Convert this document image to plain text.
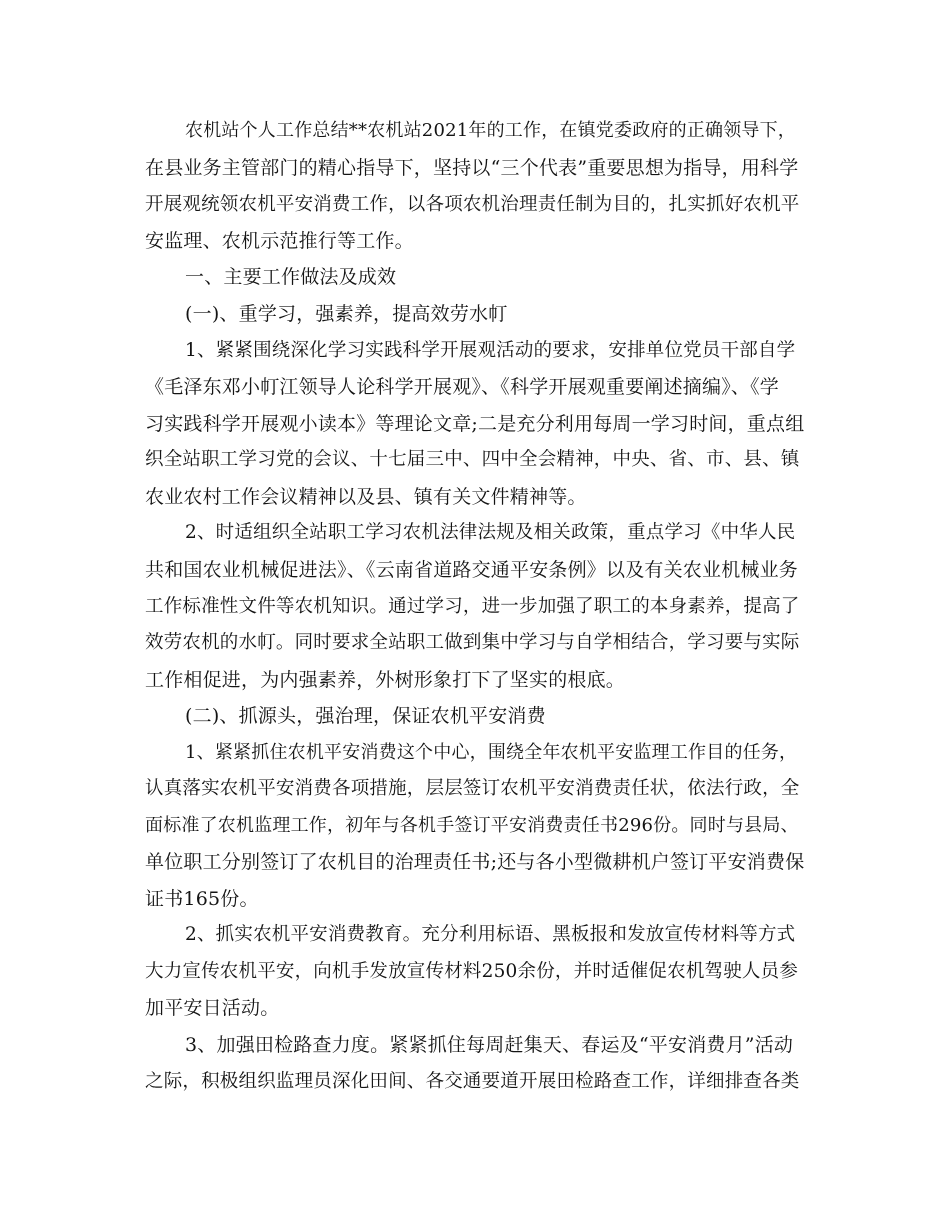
农机站个人工作总结**农机站2021年的工作，在镇党委政府的正确领导下，
在县业务主管部门的精心指导下，坚持以“三个代表”重要思想为指导，用科学
开展观统领农机平安消费工作，以各项农机治理责任制为目的，扎实抓好农机平
安监理、农机示范推行等工作。
一、主要工作做法及成效
(一)、重学习，强素养，提高效劳水帄
1、紧紧围绕深化学习实践科学开展观活动的要求，安排单位党员干部自学
《毛泽东邓小帄江领导人论科学开展观》、《科学开展观重要阐述摘编》、《学
习实践科学开展观小读本》等理论文章;二是充分利用每周一学习时间，重点组
织全站职工学习党的会议、十七届三中、四中全会精神，中央、省、市、县、镇
农业农村工作会议精神以及县、镇有关文件精神等。
2、时适组织全站职工学习农机法律法规及相关政策，重点学习《中华人民
共和国农业机械促进法》、《云南省道路交通平安条例》以及有关农业机械业务
工作标准性文件等农机知识。通过学习，进一步加强了职工的本身素养，提高了
效劳农机的水帄。同时要求全站职工做到集中学习与自学相结合，学习要与实际
工作相促进，为内强素养，外树形象打下了坚实的根底。
(二)、抓源头，强治理，保证农机平安消费
1、紧紧抓住农机平安消费这个中心，围绕全年农机平安监理工作目的任务，
认真落实农机平安消费各项措施，层层签订农机平安消费责任状，依法行政，全
面标准了农机监理工作，初年与各机手签订平安消费责任书296份。同时与县局、
单位职工分别签订了农机目的治理责任书;还与各小型微耕机户签订平安消费保
证书165份。
2、抓实农机平安消费教育。充分利用标语、黑板报和发放宣传材料等方式
大力宣传农机平安，向机手发放宣传材料250余份，并时适催促农机驾驶人员参
加平安日活动。
3、加强田检路查力度。紧紧抓住每周赶集天、春运及“平安消费月”活动
之际，积极组织监理员深化田间、各交通要道开展田检路查工作，详细排查各类
